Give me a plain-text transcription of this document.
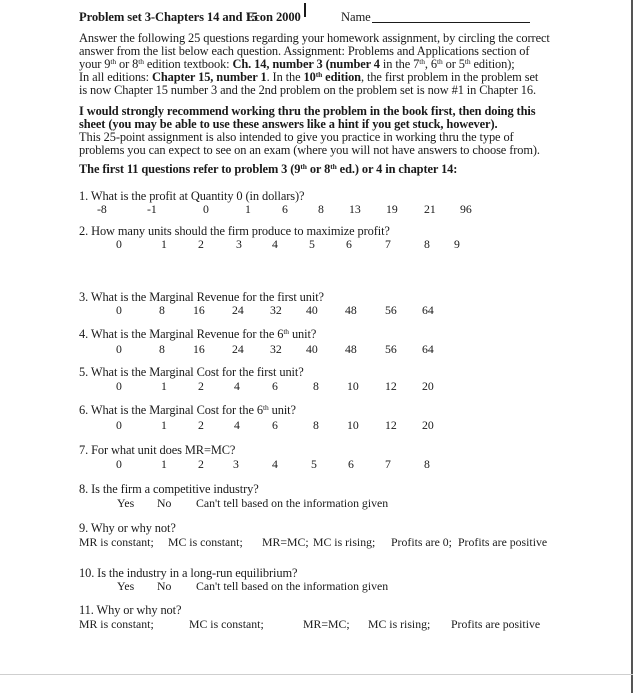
Problem set 3-Chapters 14 and 15
Econ 2000	Name
Answer the following 25 questions regarding your homework assignment, by circling the correct
answer from the list below each question. Assignment: Problems and Applications section of
your 9th or 8th edition textbook: Ch. 14, number 3 (number 4 in the 7th, 6th or 5th edition);
In all editions: Chapter 15, number 1. In the 10th edition, the first problem in the problem set
is now Chapter 15 number 3 and the 2nd problem on the problem set is now #1 in Chapter 16.
I would strongly recommend working thru the problem in the book first, then doing this
sheet (you may be able to use these answers like a hint if you get stuck, however).
This 25-point assignment is also intended to give you practice in working thru the type of
problems you can expect to see on an exam (where you will not have answers to choose from).
The first 11 questions refer to problem 3 (9th or 8th ed.) or 4 in chapter 14:
1. What is the profit at Quantity 0 (in dollars)?
-8	-1	0	1	6	8 13 19 21 96
2. How many units should the firm produce to maximize profit?
0	1	2	3	4	5	6	7	8 9
3. What is the Marginal Revenue for the first unit?
0	8 16 24 32 40 48 56 64
4. What is the Marginal Revenue for the 6th unit?
0	8 16 24 32 40 48 56 64
5. What is the Marginal Cost for the first unit?
0	1	2	4	6	8 10 12 20
6. What is the Marginal Cost for the 6th unit?
0	1	2	4	6	8 10 12 20
7. For what unit does MR=MC?
0	1	2 3	4	5	6	7	8
8. Is the firm a competitive industry?
Yes No Can't tell based on the information given
9. Why or why not?
MR is constant; MC is constant; MR=MC; MC is rising; Profits are 0; Profits are positive
10. Is the industry in a long-run equilibrium?
Yes No Can't tell based on the information given
11. Why or why not?
MR is constant;	MC is constant;	MR=MC; MC is rising; Profits are positive
